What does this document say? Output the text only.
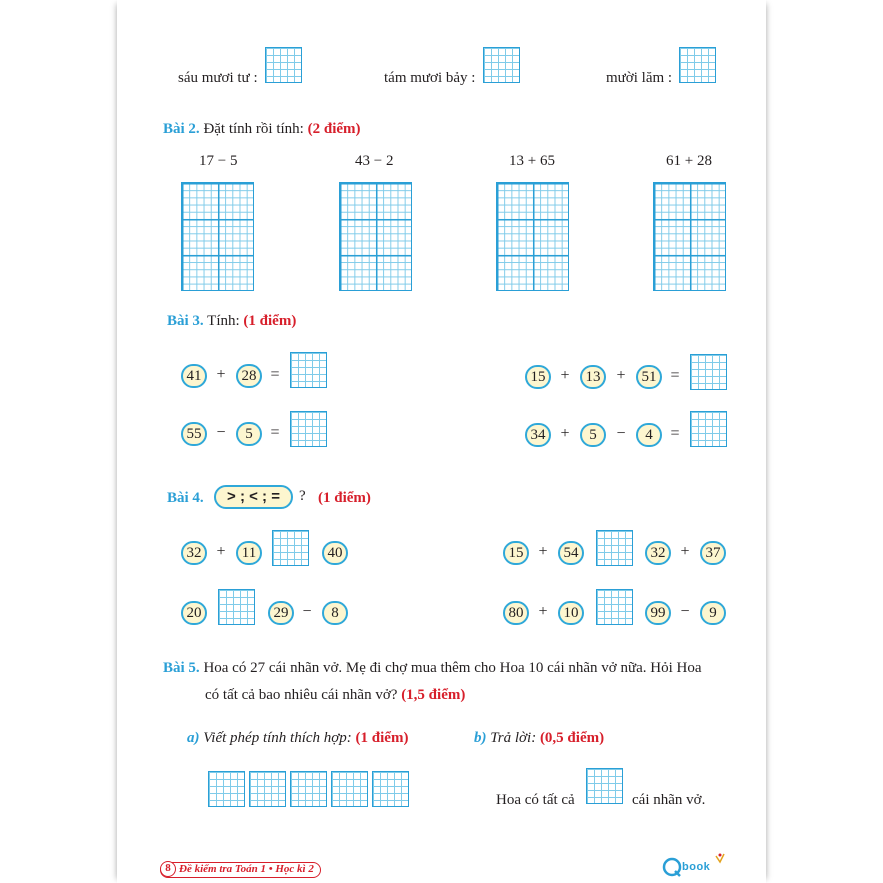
sáu mươi tư :	tám mươi bảy :	mười lăm :
Bài 2. Đặt tính rồi tính: (2 điểm)
17 − 5	43 − 2	13 + 65	61 + 28
Bài 3. Tính: (1 điểm)
41 +	28 =
55 −	5	=
15 +	13 +	51 =
34 +	5	−	4	=
Bài 4.	> ; < ; =	? (1 điểm)
32 +	11	40
20	29 −	8
15 +	54	32 +	37
80 +	10	99 −	9
Bài 5. Hoa có 27 cái nhãn vở. Mẹ đi chợ mua thêm cho Hoa 10 cái nhãn vở nữa. Hỏi Hoa
có tất cả bao nhiêu cái nhãn vở? (1,5 điểm)
a) Viết phép tính thích hợp: (1 điểm)	b) Trả lời: (0,5 điểm)
Hoa có tất cả	cái nhãn vở.
8 Đề kiểm tra Toán 1 • Học kì 2	book
